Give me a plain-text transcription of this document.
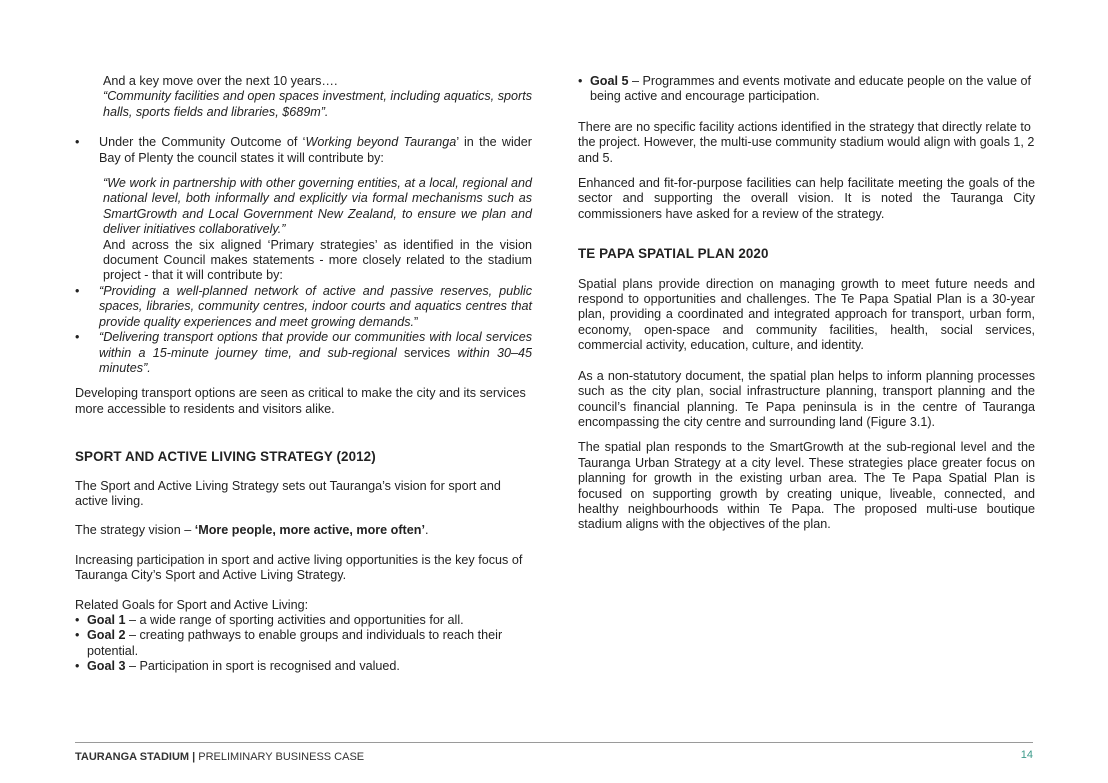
And a key move over the next 10 years….

“Community facilities and open spaces investment, including aquatics, sports halls, sports fields and libraries, $689m”.

• Under the Community Outcome of ‘Working beyond Tauranga’ in the wider Bay of Plenty the council states it will contribute by:

“We work in partnership with other governing entities, at a local, regional and national level, both informally and explicitly via formal mechanisms such as SmartGrowth and Local Government New Zealand, to ensure we plan and deliver initiatives collaboratively.”

And across the six aligned ‘Primary strategies’ as identified in the vision document Council makes statements - more closely related to the stadium project - that it will contribute by:

• “Providing a well-planned network of active and passive reserves, public spaces, libraries, community centres, indoor courts and aquatics centres that provide quality experiences and meet growing demands.”

• “Delivering transport options that provide our communities with local services within a 15-minute journey time, and sub-regional services within 30–45 minutes”.

Developing transport options are seen as critical to make the city and its services more accessible to residents and visitors alike.

SPORT AND ACTIVE LIVING STRATEGY (2012)

The Sport and Active Living Strategy sets out Tauranga’s vision for sport and active living.

The strategy vision – ‘More people, more active, more often’.

Increasing participation in sport and active living opportunities is the key focus of Tauranga City’s Sport and Active Living Strategy.

Related Goals for Sport and Active Living:

• Goal 1 – a wide range of sporting activities and opportunities for all.

• Goal 2 – creating pathways to enable groups and individuals to reach their potential.

• Goal 3 – Participation in sport is recognised and valued.

• Goal 5 – Programmes and events motivate and educate people on the value of being active and encourage participation.

There are no specific facility actions identified in the strategy that directly relate to the project. However, the multi-use community stadium would align with goals 1, 2 and 5.

Enhanced and fit-for-purpose facilities can help facilitate meeting the goals of the sector and supporting the overall vision. It is noted the Tauranga City commissioners have asked for a review of the strategy.

TE PAPA SPATIAL PLAN 2020

Spatial plans provide direction on managing growth to meet future needs and respond to opportunities and challenges. The Te Papa Spatial Plan is a 30-year plan, providing a coordinated and integrated approach for transport, urban form, economy, open-space and community facilities, health, social services, commercial activity, education, culture, and identity.

As a non-statutory document, the spatial plan helps to inform planning processes such as the city plan, social infrastructure planning, transport planning and the council’s financial planning. Te Papa peninsula is in the centre of Tauranga encompassing the city centre and surrounding land (Figure 3.1).

The spatial plan responds to the SmartGrowth at the sub-regional level and the Tauranga Urban Strategy at a city level. These strategies place greater focus on planning for growth in the existing urban area. The Te Papa Spatial Plan is focused on supporting growth by creating unique, liveable, connected, and healthy neighbourhoods within Te Papa. The proposed multi-use boutique stadium aligns with the objectives of the plan.

TAURANGA STADIUM | PRELIMINARY BUSINESS CASE	14
